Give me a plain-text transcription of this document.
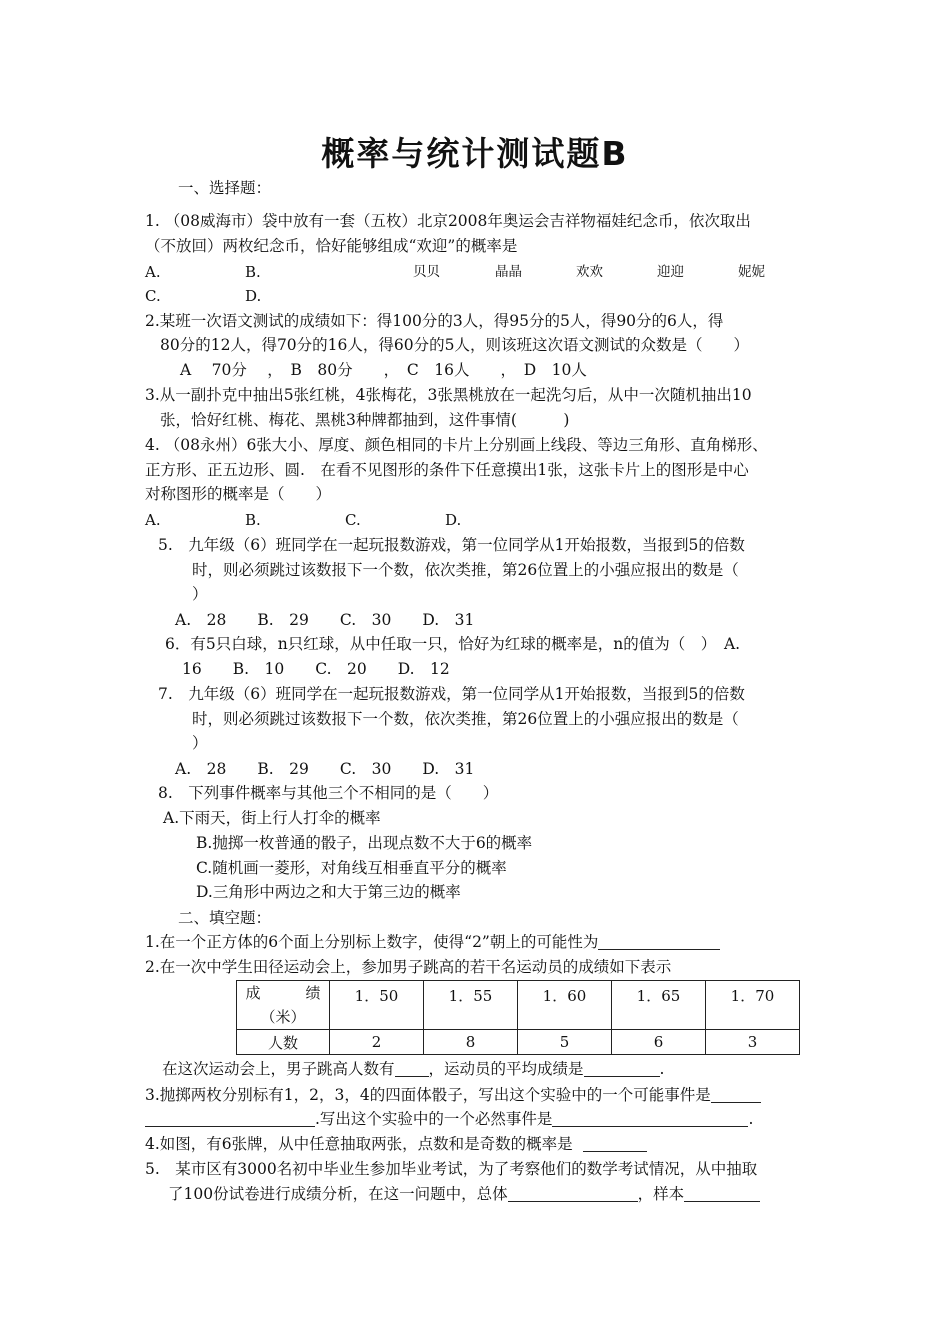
概率与统计测试题B
一、选择题：
1. （08威海市）袋中放有一套（五枚）北京2008年奥运会吉祥物福娃纪念币，依次取出
（不放回）两枚纪念币，恰好能够组成“欢迎”的概率是
A.	B.	贝贝	晶晶	欢欢	迎迎	妮妮
C.	D.
2.某班一次语文测试的成绩如下：得100分的3人，得95分的5人，得90分的6人，得
80分的12人，得70分的16人，得60分的5人，则该班这次语文测试的众数是（　　）
A　 70分　 ，　B　80分　　，　C　16人　　，　D　10人
3.从一副扑克中抽出5张红桃，4张梅花，3张黑桃放在一起洗匀后，从中一次随机抽出10
张，恰好红桃、梅花、黑桃3种牌都抽到，这件事情(　　　)
4. （08永州）6张大小、厚度、颜色相同的卡片上分别画上线段、等边三角形、直角梯形、
正方形、正五边形、圆.　在看不见图形的条件下任意摸出1张，这张卡片上的图形是中心
对称图形的概率是（　　）
A.	B.	C.	D.
5.　九年级（6）班同学在一起玩报数游戏，第一位同学从1开始报数，当报到5的倍数
时，则必须跳过该数报下一个数，依次类推，第26位置上的小强应报出的数是（
）
A.　28　　B.　29　　C.　30　　D.　31
6．有5只白球，n只红球，从中任取一只，恰好为红球的概率是，n的值为（　）　A.
16　　B.　10　　C.　20　　D.　12
7.　九年级（6）班同学在一起玩报数游戏，第一位同学从1开始报数，当报到5的倍数
时，则必须跳过该数报下一个数，依次类推，第26位置上的小强应报出的数是（
）
A.　28　　B.　29　　C.　30　　D.　31
8.　下列事件概率与其他三个不相同的是（　　）
A.下雨天，街上行人打伞的概率
B.抛掷一枚普通的骰子，出现点数不大于6的概率
C.随机画一菱形，对角线互相垂直平分的概率
D.三角形中两边之和大于第三边的概率
二、填空题：
1.在一个正方体的6个面上分别标上数字，使得“2”朝上的可能性为
2.在一次中学生田径运动会上，参加男子跳高的若干名运动员的成绩如下表示
成　　　绩
（米）	1．50	1．55	1．60	1．65	1．70
人数	2	8	5	6	3
在这次运动会上，男子跳高人数有 ，运动员的平均成绩是	.
3.抛掷两枚分别标有1，2，3，4的四面体骰子，写出这个实验中的一个可能事件是
.写出这个实验中的一个必然事件是	.
4.如图，有6张牌，从中任意抽取两张，点数和是奇数的概率是
5.　某市区有3000名初中毕业生参加毕业考试，为了考察他们的数学考试情况，从中抽取
了100份试卷进行成绩分析，在这一问题中，总体	，样本
